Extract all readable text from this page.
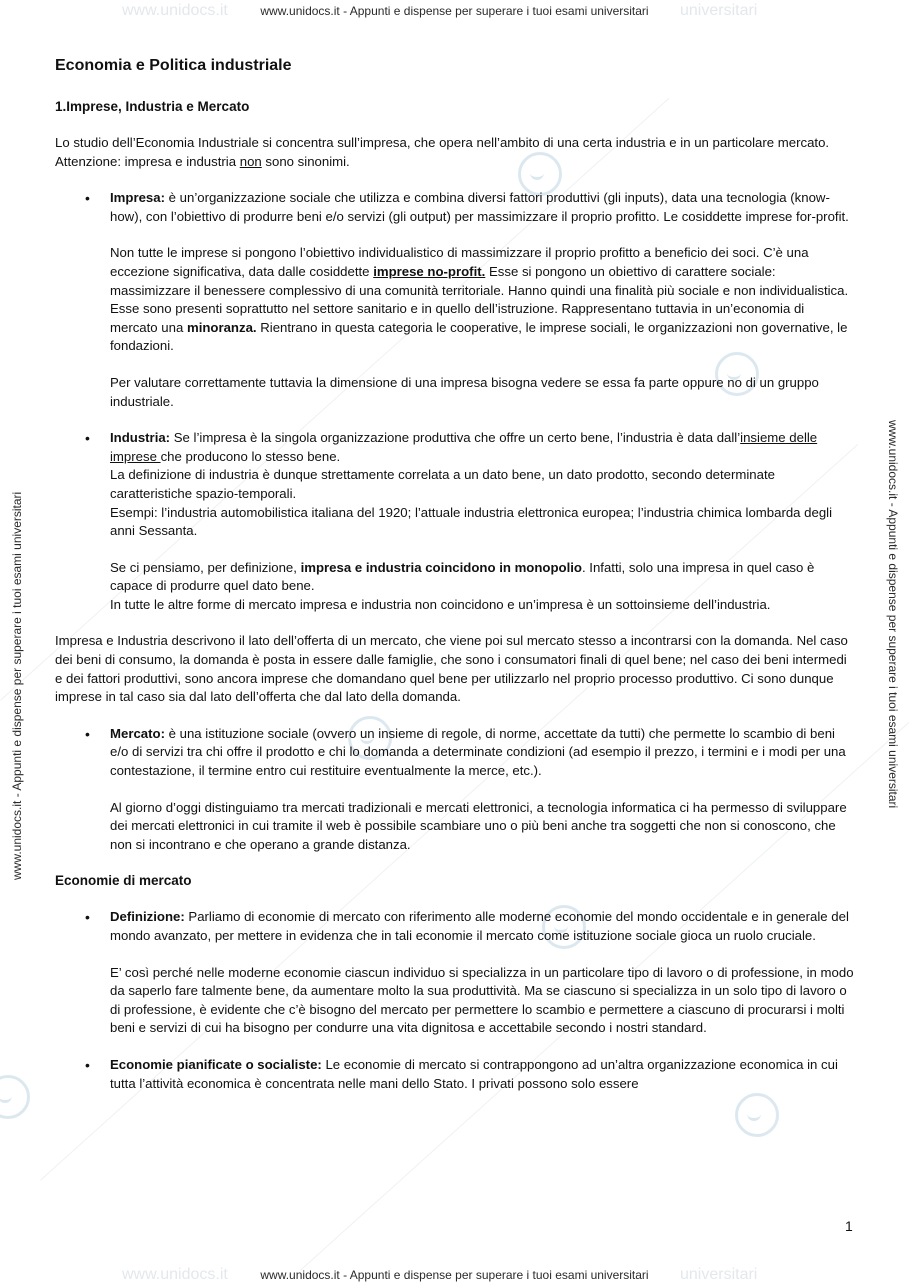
www.unidocs.it	universitari
www.unidocs.it	universitari
www.unidocs.it - Appunti e dispense per superare i tuoi esami universitari
www.unidocs.it - Appunti e dispense per superare i tuoi esami universitari
www.unidocs.it - Appunti e dispense per superare i tuoi esami universitari	www.unidocs.it - Appunti e dispense per superare i tuoi esami universitari
Economia e Politica industriale
1.Imprese, Industria e Mercato

Lo studio dell’Economia Industriale si concentra sull’impresa, che opera nell’ambito di una certa industria e in un particolare mercato.

Attenzione: impresa e industria non sono sinonimi.

• Impresa: è un’organizzazione sociale che utilizza e combina diversi fattori produttivi (gli inputs), data una tecnologia (know-how), con l’obiettivo di produrre beni e/o servizi (gli output) per massimizzare il proprio profitto. Le cosiddette imprese for-profit.

Non tutte le imprese si pongono l’obiettivo individualistico di massimizzare il proprio profitto a beneficio dei soci. C’è una eccezione significativa, data dalle cosiddette imprese no-profit. Esse si pongono un obiettivo di carattere sociale: massimizzare il benessere complessivo di una comunità territoriale. Hanno quindi una finalità più sociale e non individualistica. Esse sono presenti soprattutto nel settore sanitario e in quello dell’istruzione. Rappresentano tuttavia in un’economia di mercato una minoranza. Rientrano in questa categoria le cooperative, le imprese sociali, le organizzazioni non governative, le fondazioni.

Per valutare correttamente tuttavia la dimensione di una impresa bisogna vedere se essa fa parte oppure no di un gruppo industriale.

• Industria: Se l’impresa è la singola organizzazione produttiva che offre un certo bene, l’industria è data dall’insieme delle imprese che producono lo stesso bene.

La definizione di industria è dunque strettamente correlata a un dato bene, un dato prodotto, secondo determinate caratteristiche spazio-temporali.

Esempi: l’industria automobilistica italiana del 1920; l’attuale industria elettronica europea; l’industria chimica lombarda degli anni Sessanta.

Se ci pensiamo, per definizione, impresa e industria coincidono in monopolio. Infatti, solo una impresa in quel caso è capace di produrre quel dato bene.

In tutte le altre forme di mercato impresa e industria non coincidono e un’impresa è un sottoinsieme dell’industria.

Impresa e Industria descrivono il lato dell’offerta di un mercato, che viene poi sul mercato stesso a incontrarsi con la domanda. Nel caso dei beni di consumo, la domanda è posta in essere dalle famiglie, che sono i consumatori finali di quel bene; nel caso dei beni intermedi e dei fattori produttivi, sono ancora imprese che domandano quel bene per utilizzarlo nel proprio processo produttivo. Ci sono dunque imprese in tal caso sia dal lato dell’offerta che dal lato della domanda.

• Mercato: è una istituzione sociale (ovvero un insieme di regole, di norme, accettate da tutti) che permette lo scambio di beni e/o di servizi tra chi offre il prodotto e chi lo domanda a determinate condizioni (ad esempio il prezzo, i termini e i modi per una contestazione, il termine entro cui restituire eventualmente la merce, etc.).

Al giorno d’oggi distinguiamo tra mercati tradizionali e mercati elettronici, a tecnologia informatica ci ha permesso di sviluppare dei mercati elettronici in cui tramite il web è possibile scambiare uno o più beni anche tra soggetti che non si conoscono, che non si incontrano e che operano a grande distanza.

Economie di mercato
• Definizione: Parliamo di economie di mercato con riferimento alle moderne economie del mondo occidentale e in generale del mondo avanzato, per mettere in evidenza che in tali economie il mercato come istituzione sociale gioca un ruolo cruciale.

E’ così perché nelle moderne economie ciascun individuo si specializza in un particolare tipo di lavoro o di professione, in modo da saperlo fare talmente bene, da aumentare molto la sua produttività. Ma se ciascuno si specializza in un solo tipo di lavoro o di professione, è evidente che c’è bisogno del mercato per permettere lo scambio e permettere a ciascuno di procurarsi i molti beni e servizi di cui ha bisogno per condurre una vita dignitosa e accettabile secondo i nostri standard.

• Economie pianificate o socialiste: Le economie di mercato si contrappongono ad un’altra organizzazione economica in cui tutta l’attività economica è concentrata nelle mani dello Stato. I privati possono solo essere
1
